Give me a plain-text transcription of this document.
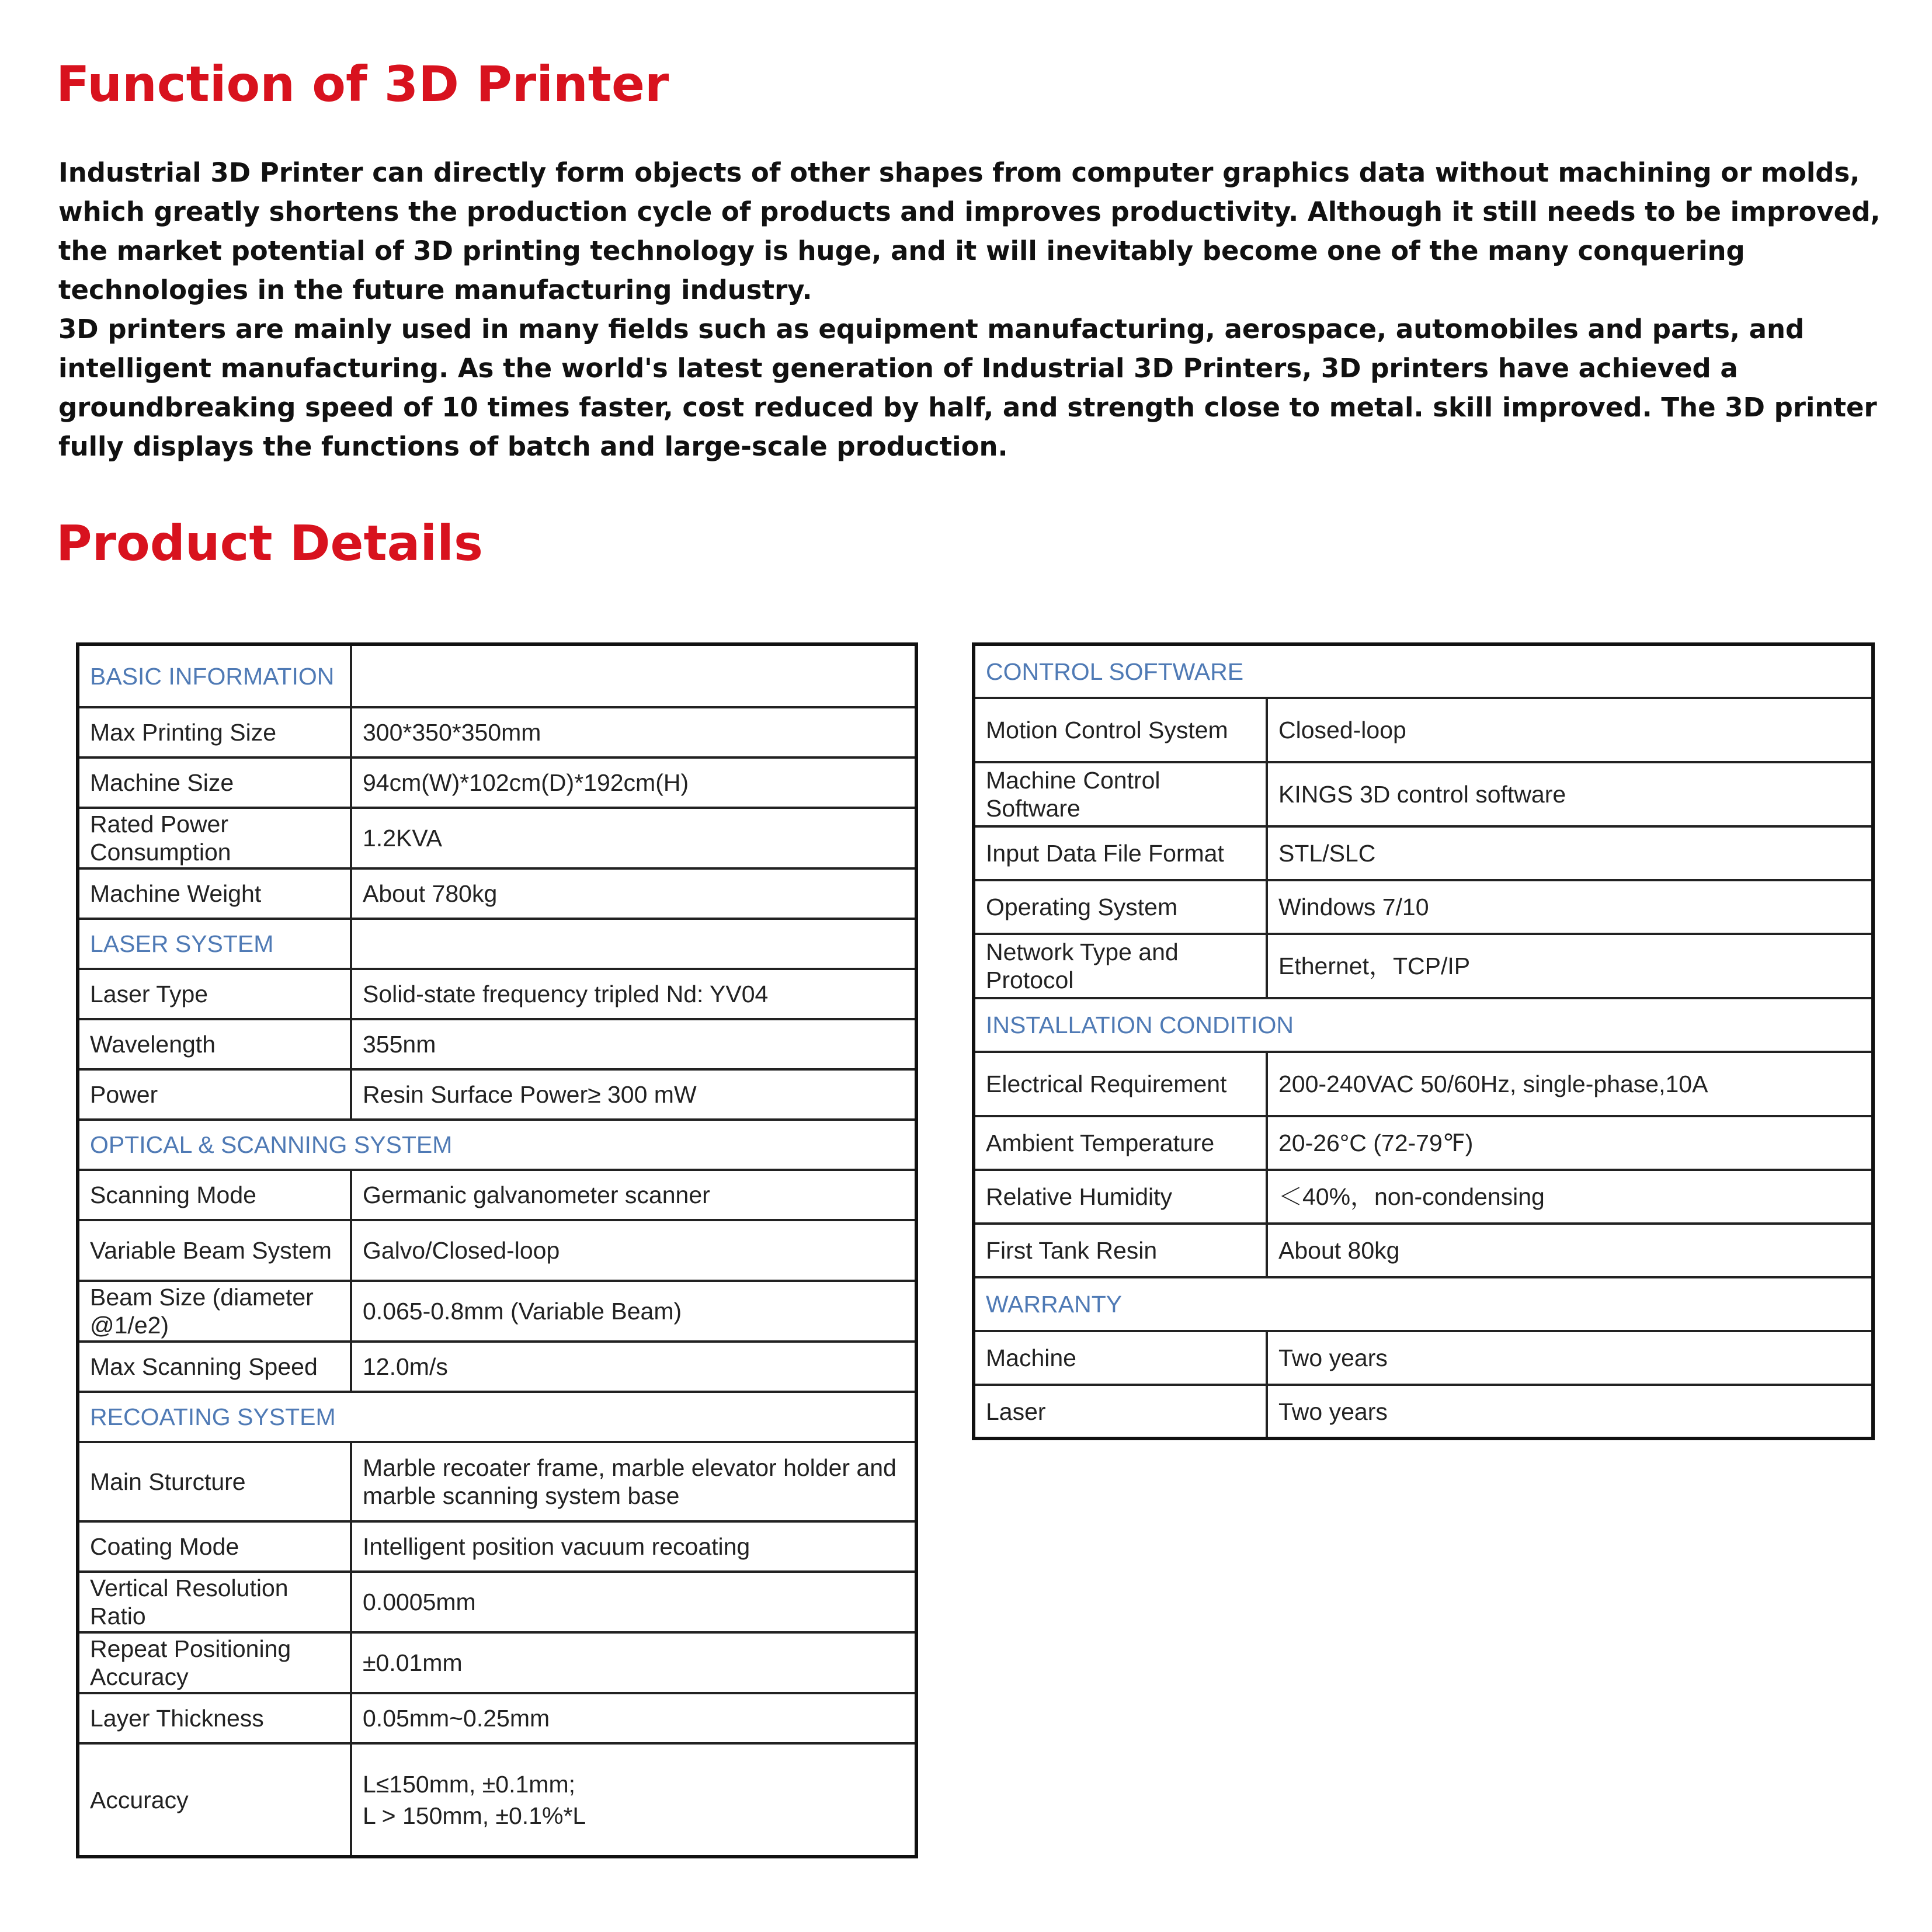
Function of 3D Printer

Industrial 3D Printer can directly form objects of other shapes from computer graphics data without machining or molds, which greatly shortens the production cycle of products and improves productivity. Although it still needs to be improved, the market potential of 3D printing technology is huge, and it will inevitably become one of the many conquering technologies in the future manufacturing industry.

3D printers are mainly used in many fields such as equipment manufacturing, aerospace, automobiles and parts, and intelligent manufacturing. As the world's latest generation of Industrial 3D Printers, 3D printers have achieved a groundbreaking speed of 10 times faster, cost reduced by half, and strength close to metal. skill improved. The 3D printer fully displays the functions of batch and large-scale production.

Product Details
BASIC INFORMATION	
Max Printing Size	300*350*350mm
Machine Size	94cm(W)*102cm(D)*192cm(H)
Rated Power Consumption	1.2KVA
Machine Weight	About 780kg
LASER SYSTEM	
Laser Type	Solid-state frequency tripled Nd: YV04
Wavelength	355nm
Power	Resin Surface Power≥ 300 mW
OPTICAL & SCANNING SYSTEM	
Scanning Mode	Germanic galvanometer scanner
Variable Beam System	Galvo/Closed-loop
Beam Size (diameter @1/e2)	0.065-0.8mm (Variable Beam)
Max Scanning Speed	12.0m/s
RECOATING SYSTEM	
Main Sturcture	Marble recoater frame, marble elevator holder and marble scanning system base
Coating Mode	Intelligent position vacuum recoating
Vertical Resolution Ratio	0.0005mm
Repeat Positioning Accuracy	±0.01mm
Layer Thickness	0.05mm~0.25mm
Accuracy	L≤150mm, ±0.1mm;
L > 150mm, ±0.1%*L
CONTROL SOFTWARE	
Motion Control System	Closed-loop
Machine Control Software	KINGS 3D control software
Input Data File Format	STL/SLC
Operating System	Windows 7/10
Network Type and Protocol	Ethernet，TCP/IP
INSTALLATION CONDITION	
Electrical Requirement	200-240VAC 50/60Hz, single-phase,10A
Ambient Temperature	20-26°C (72-79℉)
Relative Humidity	＜40%，non-condensing
First Tank Resin	About 80kg
WARRANTY	
Machine	Two years
Laser	Two years
